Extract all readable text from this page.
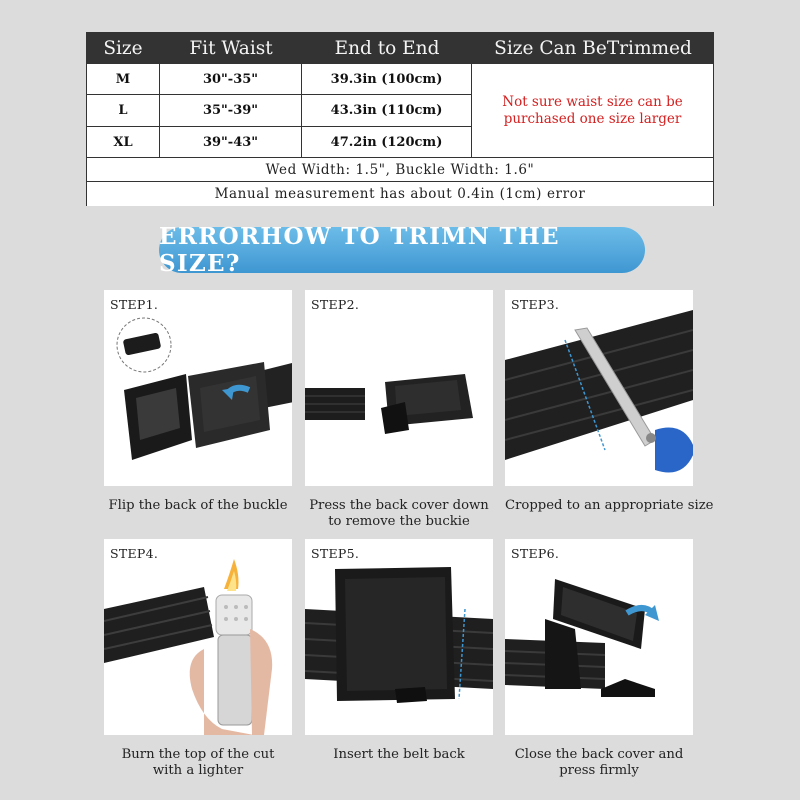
Size	Fit Waist	End to End	Size Can BeTrimmed
M	30"-35"	39.3in (100cm)
L	35"-39"	43.3in (110cm)
XL	39"-43"	47.2in (120cm)
Not sure waist size can be purchased one size larger
Wed Width: 1.5", Buckle Width: 1.6"
Manual measurement has about 0.4in (1cm) error
ERRORHOW TO TRIMN THE SIZE?
STEP1.
Flip the back of the buckle
STEP2.
Press the back cover down
to remove the buckie
STEP3.
Cropped to an appropriate size
STEP4.
Burn the top of the cut
with a lighter
STEP5.
Insert the belt back
STEP6.
Close the back cover and
press firmly
